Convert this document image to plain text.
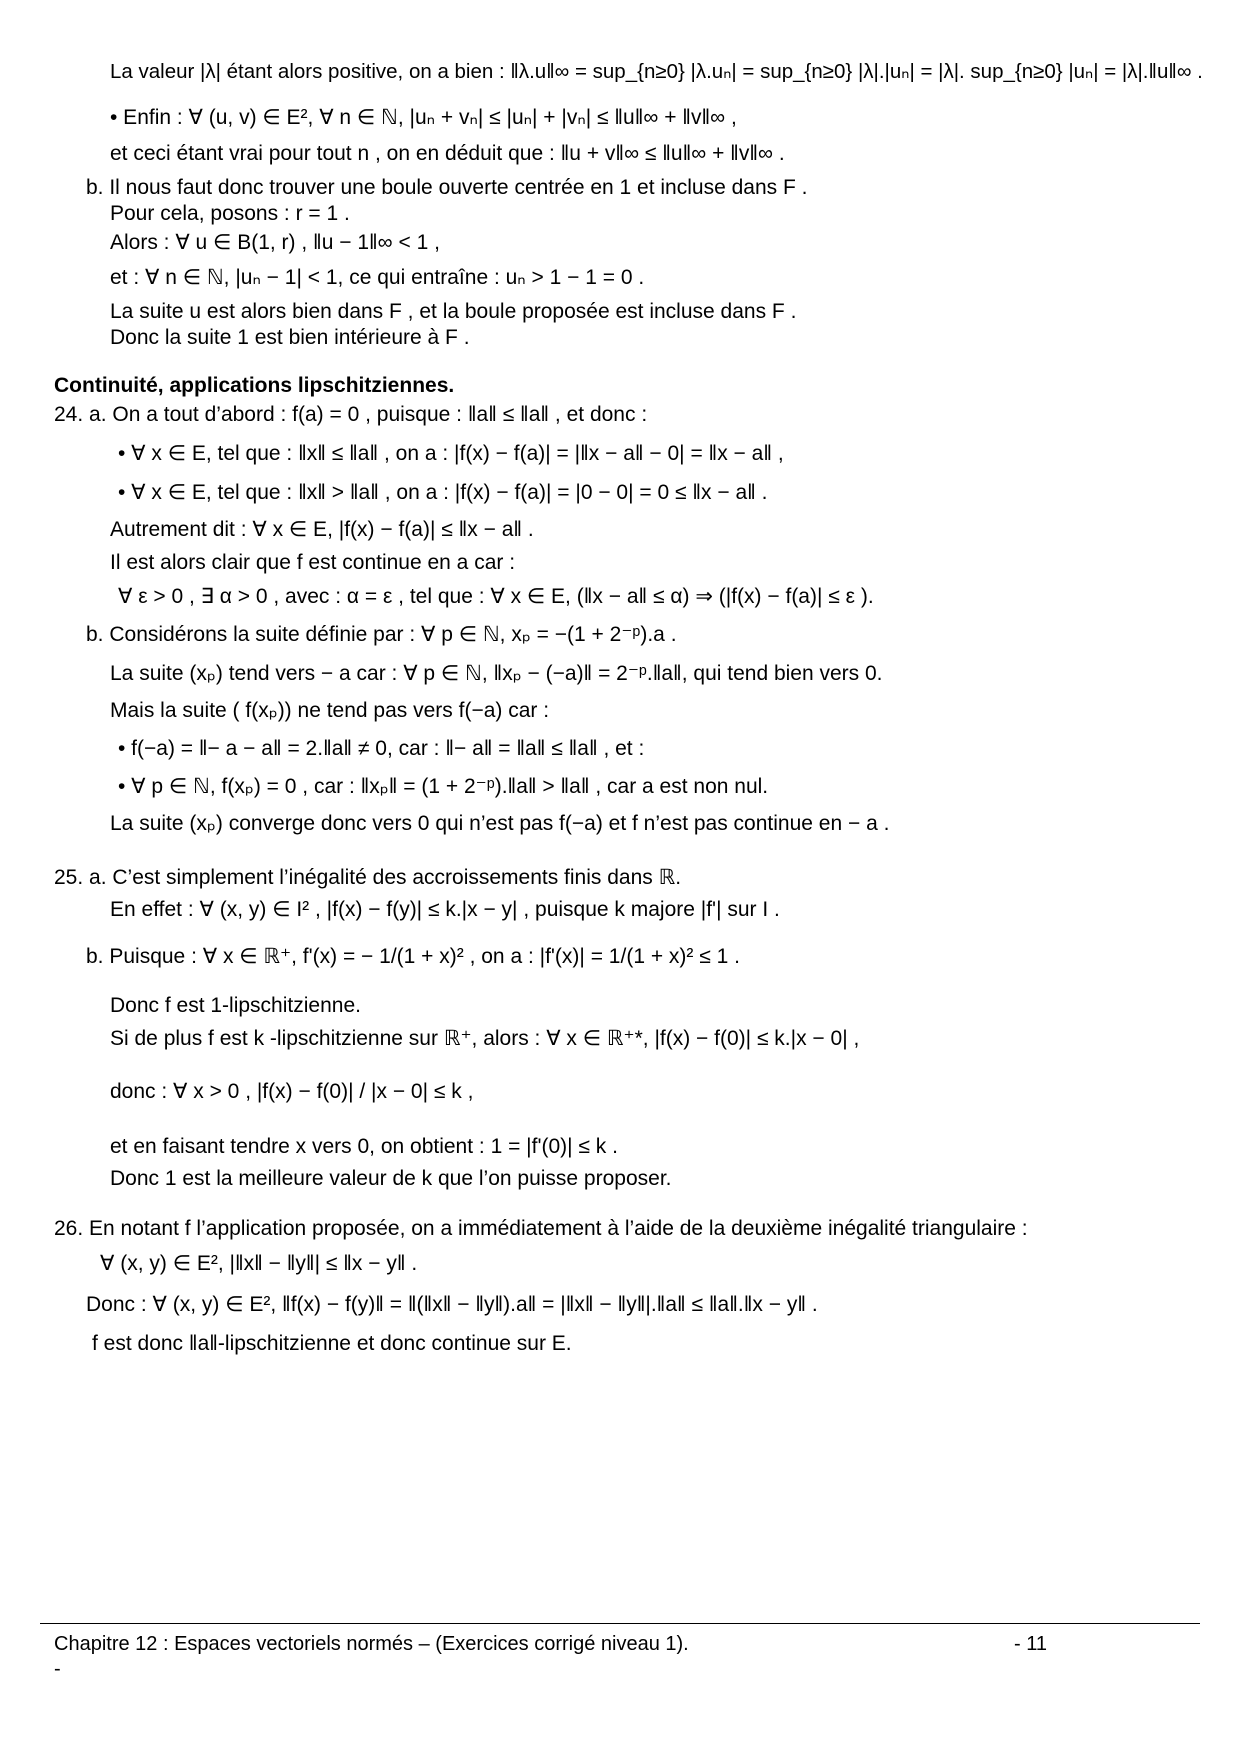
La valeur |λ| étant alors positive, on a bien : ‖λ.u‖∞ = sup_{n≥0} |λ.uₙ| = sup_{n≥0} |λ|.|uₙ| = |λ|. sup_{n≥0} |uₙ| = |λ|.‖u‖∞ .
• Enfin : ∀ (u, v) ∈ E², ∀ n ∈ ℕ, |uₙ + vₙ| ≤ |uₙ| + |vₙ| ≤ ‖u‖∞ + ‖v‖∞ ,
et ceci étant vrai pour tout n , on en déduit que : ‖u + v‖∞ ≤ ‖u‖∞ + ‖v‖∞ .
b. Il nous faut donc trouver une boule ouverte centrée en 1 et incluse dans F .
Pour cela, posons : r = 1 .
Alors : ∀ u ∈ B(1, r) , ‖u − 1‖∞ < 1 ,
et : ∀ n ∈ ℕ, |uₙ − 1| < 1, ce qui entraîne : uₙ > 1 − 1 = 0 .
La suite u est alors bien dans F , et la boule proposée est incluse dans F .
Donc la suite 1 est bien intérieure à F .
Continuité, applications lipschitziennes.
24. a. On a tout d’abord : f(a) = 0 , puisque : ‖a‖ ≤ ‖a‖ , et donc :
• ∀ x ∈ E, tel que : ‖x‖ ≤ ‖a‖ , on a : |f(x) − f(a)| = |‖x − a‖ − 0| = ‖x − a‖ ,
• ∀ x ∈ E, tel que : ‖x‖ > ‖a‖ , on a : |f(x) − f(a)| = |0 − 0| = 0 ≤ ‖x − a‖ .
Autrement dit : ∀ x ∈ E, |f(x) − f(a)| ≤ ‖x − a‖ .
Il est alors clair que f est continue en a car :
∀ ε > 0 , ∃ α > 0 , avec : α = ε , tel que : ∀ x ∈ E, (‖x − a‖ ≤ α) ⇒ (|f(x) − f(a)| ≤ ε ).
b. Considérons la suite définie par : ∀ p ∈ ℕ, xₚ = −(1 + 2⁻ᵖ).a .
La suite (xₚ) tend vers − a car : ∀ p ∈ ℕ, ‖xₚ − (−a)‖ = 2⁻ᵖ.‖a‖, qui tend bien vers 0.
Mais la suite ( f(xₚ)) ne tend pas vers f(−a) car :
• f(−a) = ‖− a − a‖ = 2.‖a‖ ≠ 0, car : ‖− a‖ = ‖a‖ ≤ ‖a‖ , et :
• ∀ p ∈ ℕ, f(xₚ) = 0 , car : ‖xₚ‖ = (1 + 2⁻ᵖ).‖a‖ > ‖a‖ , car a est non nul.
La suite (xₚ) converge donc vers 0 qui n’est pas f(−a) et f n’est pas continue en − a .
25. a. C’est simplement l’inégalité des accroissements finis dans ℝ.
En effet : ∀ (x, y) ∈ I² , |f(x) − f(y)| ≤ k.|x − y| , puisque k majore |f'| sur I .
b. Puisque : ∀ x ∈ ℝ⁺, f'(x) = − 1/(1 + x)² , on a : |f'(x)| = 1/(1 + x)² ≤ 1 .
Donc f est 1-lipschitzienne.
Si de plus f est k -lipschitzienne sur ℝ⁺, alors : ∀ x ∈ ℝ⁺*, |f(x) − f(0)| ≤ k.|x − 0| ,
donc : ∀ x > 0 , |f(x) − f(0)| / |x − 0| ≤ k ,
et en faisant tendre x vers 0, on obtient : 1 = |f'(0)| ≤ k .
Donc 1 est la meilleure valeur de k que l’on puisse proposer.
26. En notant f l’application proposée, on a immédiatement à l’aide de la deuxième inégalité triangulaire :
∀ (x, y) ∈ E², |‖x‖ − ‖y‖| ≤ ‖x − y‖ .
Donc : ∀ (x, y) ∈ E², ‖f(x) − f(y)‖ = ‖(‖x‖ − ‖y‖).a‖ = |‖x‖ − ‖y‖|.‖a‖ ≤ ‖a‖.‖x − y‖ .
f est donc ‖a‖-lipschitzienne et donc continue sur E.
Chapitre 12 : Espaces vectoriels normés – (Exercices corrigé niveau 1).	- 11
-
